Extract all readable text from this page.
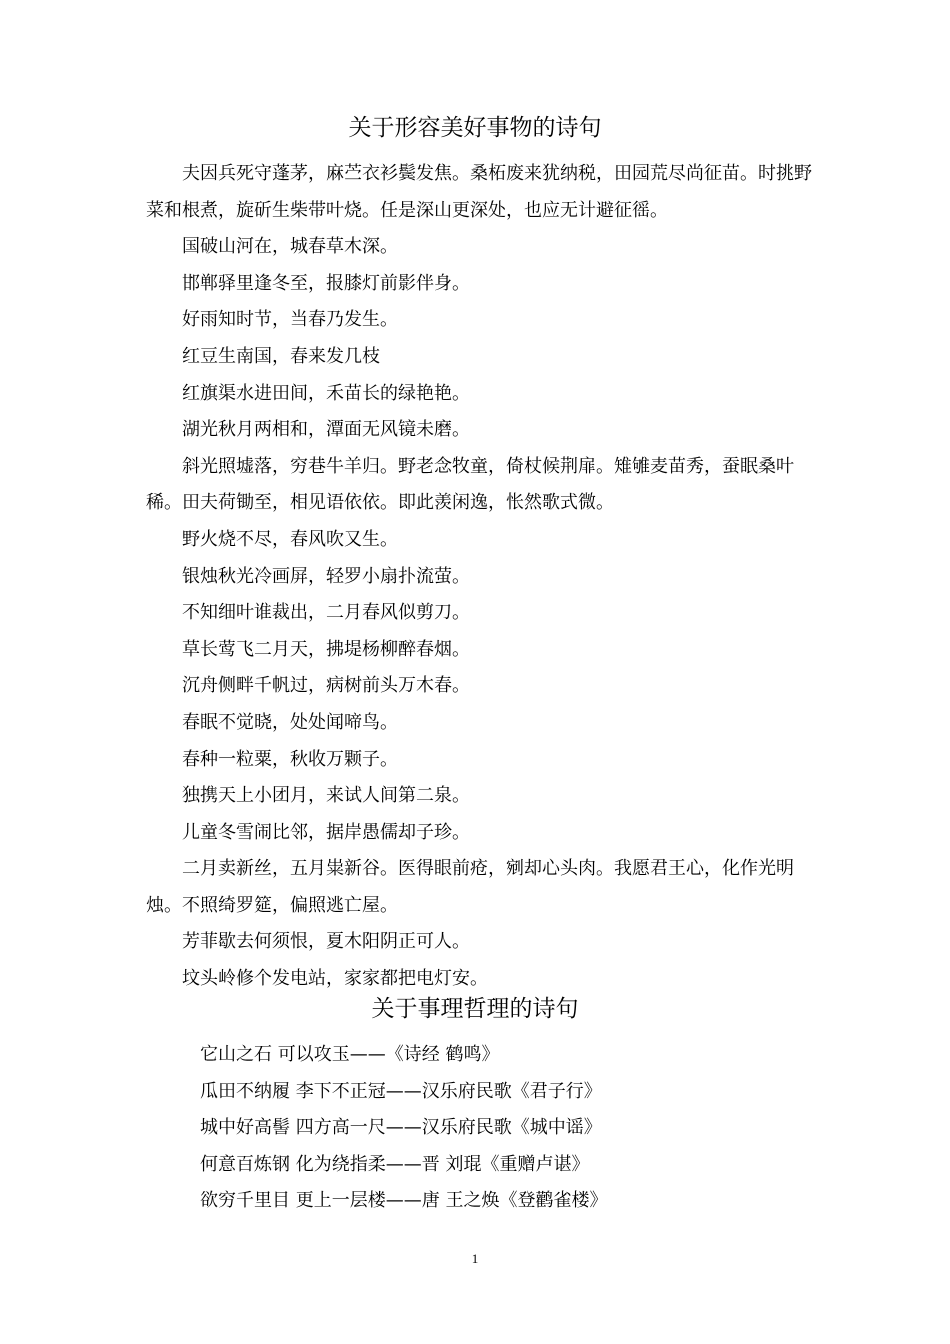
关于形容美好事物的诗句

夫因兵死守蓬茅，麻苎衣衫鬓发焦。桑柘废来犹纳税，田园荒尽尚征苗。时挑野菜和根煮，旋斫生柴带叶烧。任是深山更深处，也应无计避征徭。

国破山河在，城春草木深。

邯郸驿里逢冬至，报膝灯前影伴身。

好雨知时节，当春乃发生。

红豆生南国，春来发几枝

红旗渠水进田间，禾苗长的绿艳艳。

湖光秋月两相和，潭面无风镜未磨。

斜光照墟落，穷巷牛羊归。野老念牧童，倚杖候荆扉。雉雊麦苗秀，蚕眠桑叶稀。田夫荷锄至，相见语依依。即此羡闲逸，怅然歌式微。

野火烧不尽，春风吹又生。

银烛秋光冷画屏，轻罗小扇扑流萤。

不知细叶谁裁出，二月春风似剪刀。

草长莺飞二月天，拂堤杨柳醉春烟。

沉舟侧畔千帆过，病树前头万木春。

春眠不觉晓，处处闻啼鸟。

春种一粒粟，秋收万颗子。

独携天上小团月，来试人间第二泉。

儿童冬雪闹比邻，据岸愚儒却子珍。

二月卖新丝，五月粜新谷。医得眼前疮，剜却心头肉。我愿君王心，化作光明烛。不照绮罗筵，偏照逃亡屋。

芳菲歇去何须恨，夏木阳阴正可人。

坟头岭修个发电站，家家都把电灯安。

关于事理哲理的诗句

它山之石 可以攻玉——《诗经 鹤鸣》

瓜田不纳履 李下不正冠——汉乐府民歌《君子行》

城中好高髻 四方高一尺——汉乐府民歌《城中谣》

何意百炼钢 化为绕指柔——晋 刘琨《重赠卢谌》

欲穷千里目 更上一层楼——唐 王之焕《登鹳雀楼》

1
